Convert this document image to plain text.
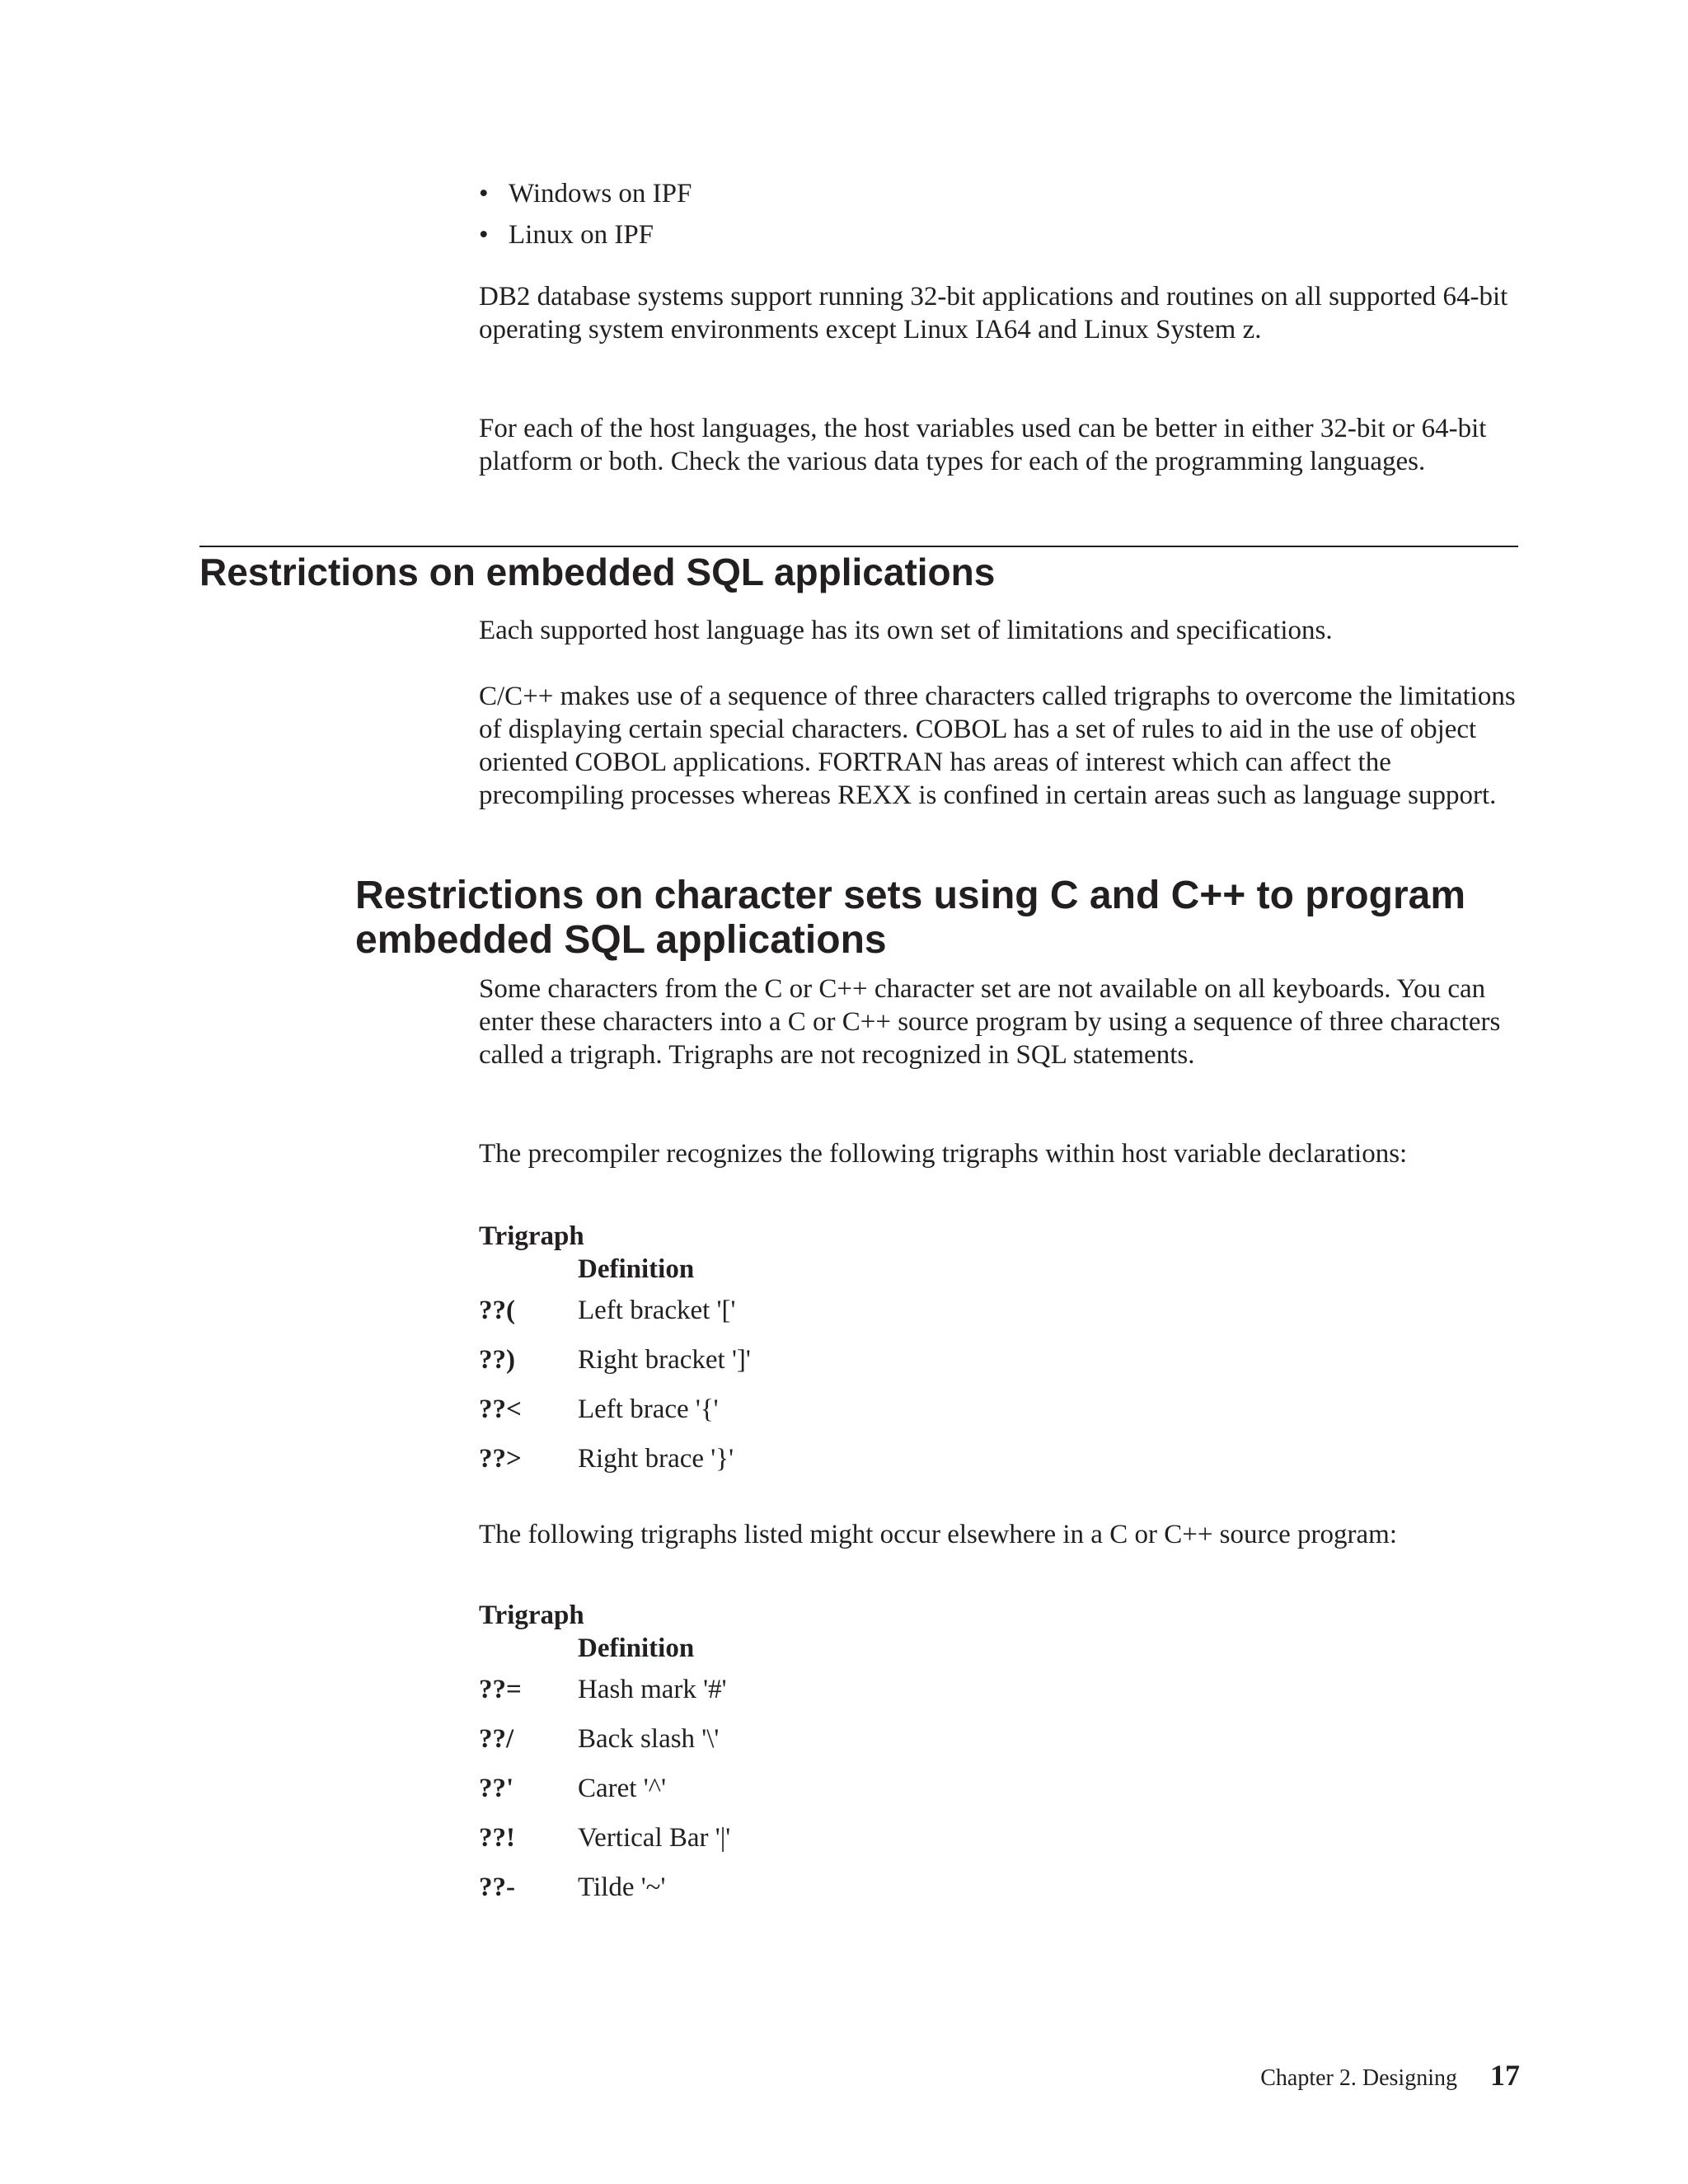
• Windows on IPF
• Linux on IPF

DB2 database systems support running 32-bit applications and routines on all supported 64-bit operating system environments except Linux IA64 and Linux System z.

For each of the host languages, the host variables used can be better in either 32-bit or 64-bit platform or both. Check the various data types for each of the programming languages.

Restrictions on embedded SQL applications

Each supported host language has its own set of limitations and specifications.

C/C++ makes use of a sequence of three characters called trigraphs to overcome the limitations of displaying certain special characters. COBOL has a set of rules to aid in the use of object oriented COBOL applications. FORTRAN has areas of interest which can affect the precompiling processes whereas REXX is confined in certain areas such as language support.

Restrictions on character sets using C and C++ to program embedded SQL applications

Some characters from the C or C++ character set are not available on all keyboards. You can enter these characters into a C or C++ source program by using a sequence of three characters called a trigraph. Trigraphs are not recognized in SQL statements.

The precompiler recognizes the following trigraphs within host variable declarations:

Trigraph
Definition
??(	Left bracket '['
??)	Right bracket ']'
??<	Left brace '{'
??>	Right brace '}'

The following trigraphs listed might occur elsewhere in a C or C++ source program:

Trigraph
Definition
??=	Hash mark '#'
??/	Back slash '\'
??'	Caret '^'
??!	Vertical Bar '|'
??-	Tilde '~'
Chapter 2. Designing 17
